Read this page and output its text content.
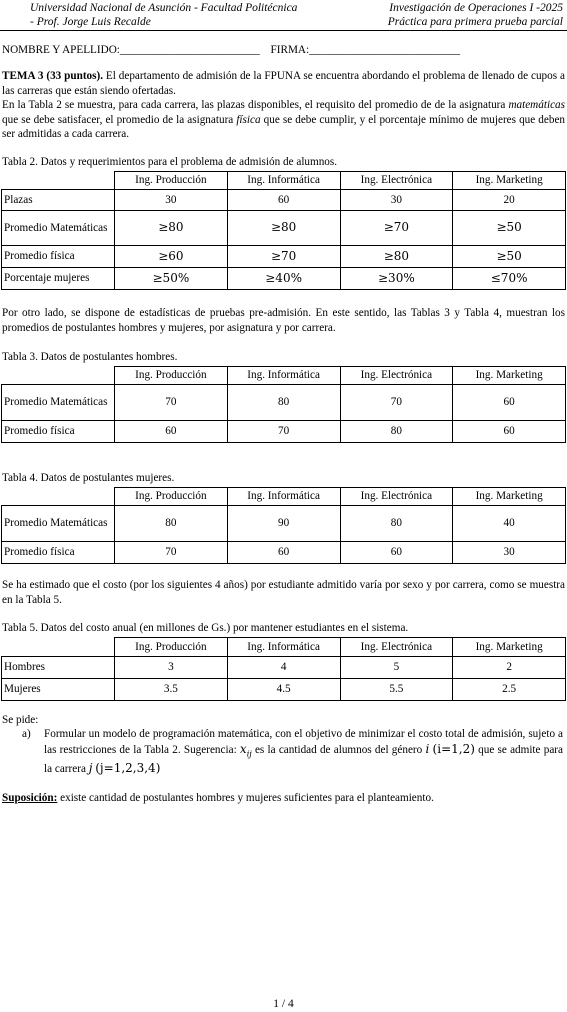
Universidad Nacional de Asunción - Facultad Politécnica	Investigación de Operaciones I -2025
- Prof. Jorge Luis Recalde	Práctica para primera prueba parcial
NOMBRE Y APELLIDO:_________________________ FIRMA:___________________________
TEMA 3 (33 puntos). El departamento de admisión de la FPUNA se encuentra abordando el problema de llenado de cupos a las carreras que están siendo ofertadas.
En la Tabla 2 se muestra, para cada carrera, las plazas disponibles, el requisito del promedio de de la asignatura matemáticas que se debe satisfacer, el promedio de la asignatura física que se debe cumplir, y el porcentaje mínimo de mujeres que deben ser admitidas a cada carrera.
Tabla 2. Datos y requerimientos para el problema de admisión de alumnos.
	Ing. Producción	Ing. Informática	Ing. Electrónica	Ing. Marketing
Plazas	30	60	30	20
Promedio Matemáticas	≥80	≥80	≥70	≥50
Promedio física	≥60	≥70	≥80	≥50
Porcentaje mujeres	≥50%	≥40%	≥30%	≤70%
Por otro lado, se dispone de estadísticas de pruebas pre-admisión. En este sentido, las Tablas 3 y Tabla 4, muestran los promedios de postulantes hombres y mujeres, por asignatura y por carrera.
Tabla 3. Datos de postulantes hombres.
	Ing. Producción	Ing. Informática	Ing. Electrónica	Ing. Marketing
Promedio Matemáticas	70	80	70	60
Promedio física	60	70	80	60
Tabla 4. Datos de postulantes mujeres.
	Ing. Producción	Ing. Informática	Ing. Electrónica	Ing. Marketing
Promedio Matemáticas	80	90	80	40
Promedio física	70	60	60	30
Se ha estimado que el costo (por los siguientes 4 años) por estudiante admitido varía por sexo y por carrera, como se muestra en la Tabla 5.
Tabla 5. Datos del costo anual (en millones de Gs.) por mantener estudiantes en el sistema.
	Ing. Producción	Ing. Informática	Ing. Electrónica	Ing. Marketing
Hombres	3	4	5	2
Mujeres	3.5	4.5	5.5	2.5
Se pide:
a) Formular un modelo de programación matemática, con el objetivo de minimizar el costo total de admisión, sujeto a las restricciones de la Tabla 2. Sugerencia: $x_{ij}$ es la cantidad de alumnos del género i (i=1,2) que se admite para la carrera j (j=1,2,3,4)
Suposición: existe cantidad de postulantes hombres y mujeres suficientes para el planteamiento.
1 / 4
